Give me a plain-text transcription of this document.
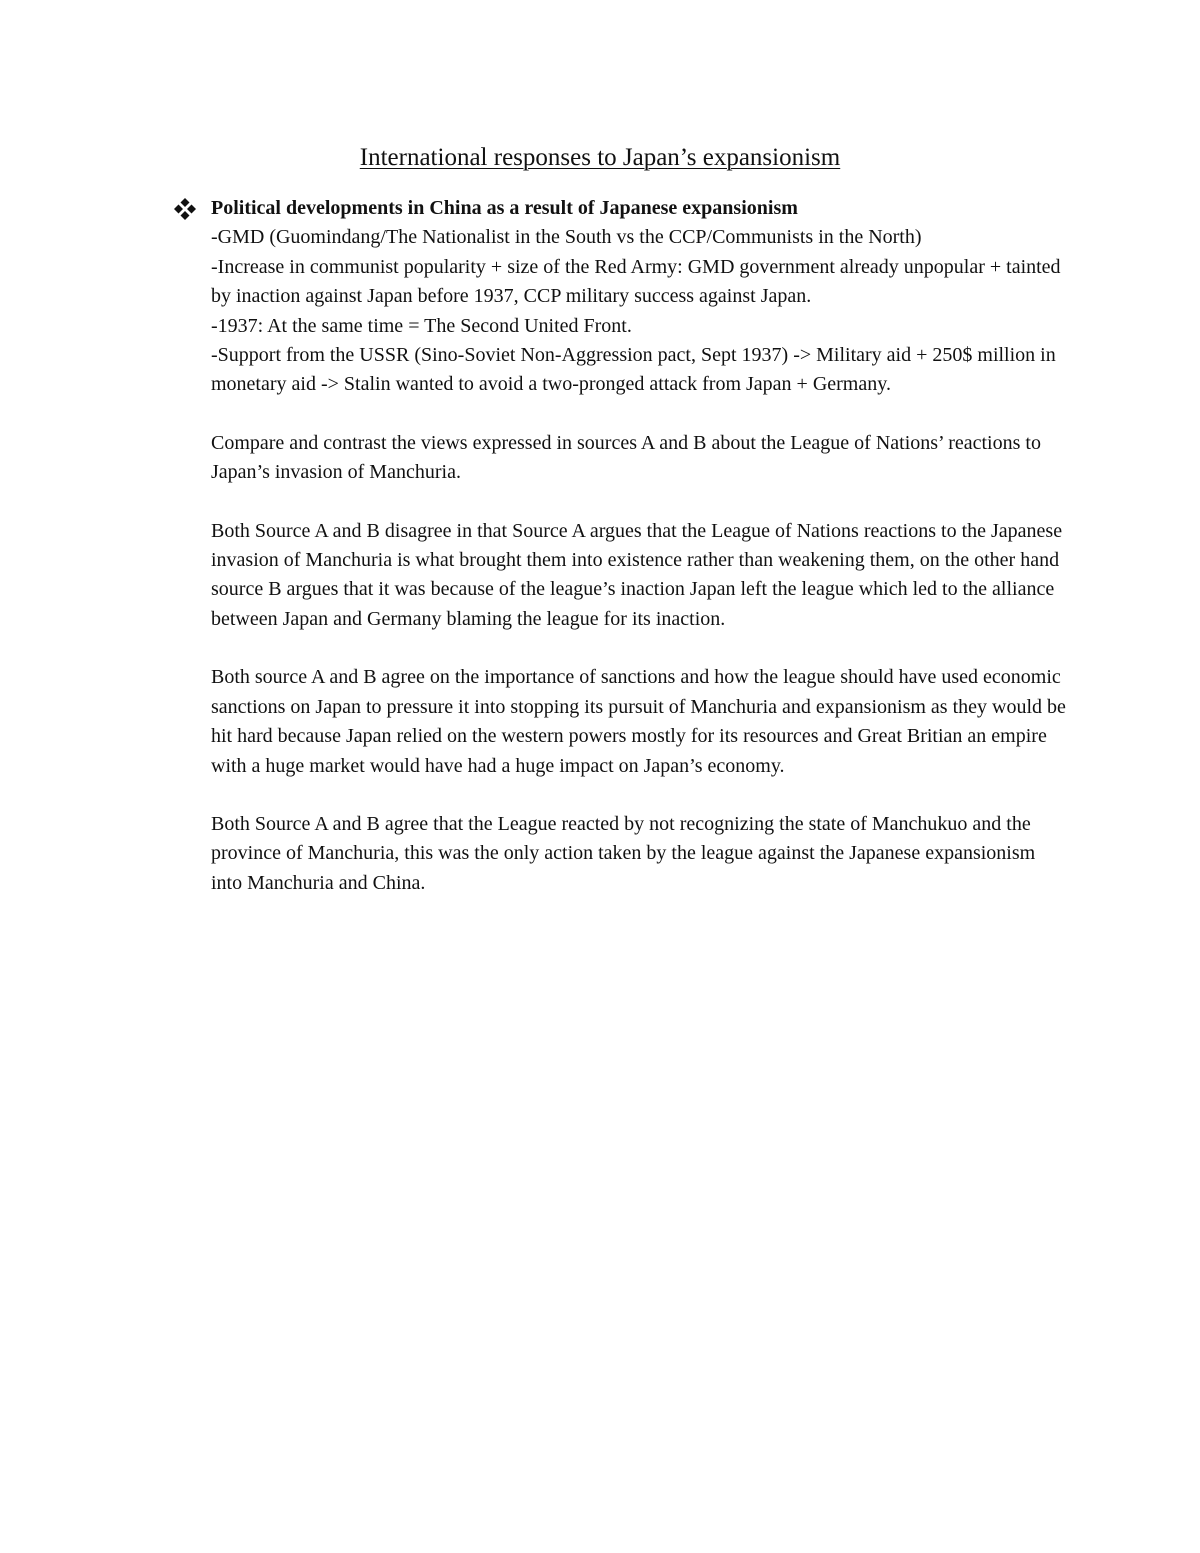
International responses to Japan’s expansionism

Political developments in China as a result of Japanese expansionism

-GMD (Guomindang/The Nationalist in the South vs the CCP/Communists in the North)

-Increase in communist popularity + size of the Red Army: GMD government already unpopular + tainted by inaction against Japan before 1937, CCP military success against Japan.

-1937: At the same time = The Second United Front.

-Support from the USSR (Sino-Soviet Non-Aggression pact, Sept 1937) -> Military aid + 250$ million in monetary aid -> Stalin wanted to avoid a two-pronged attack from Japan + Germany.

Compare and contrast the views expressed in sources A and B about the League of Nations’ reactions to Japan’s invasion of Manchuria.

Both Source A and B disagree in that Source A argues that the League of Nations reactions to the Japanese invasion of Manchuria is what brought them into existence rather than weakening them, on the other hand source B argues that it was because of the league’s inaction Japan left the league which led to the alliance between Japan and Germany blaming the league for its inaction.

Both source A and B agree on the importance of sanctions and how the league should have used economic sanctions on Japan to pressure it into stopping its pursuit of Manchuria and expansionism as they would be hit hard because Japan relied on the western powers mostly for its resources and Great Britian an empire with a huge market would have had a huge impact on Japan’s economy.

Both Source A and B agree that the League reacted by not recognizing the state of Manchukuo and the province of Manchuria, this was the only action taken by the league against the Japanese expansionism into Manchuria and China.
